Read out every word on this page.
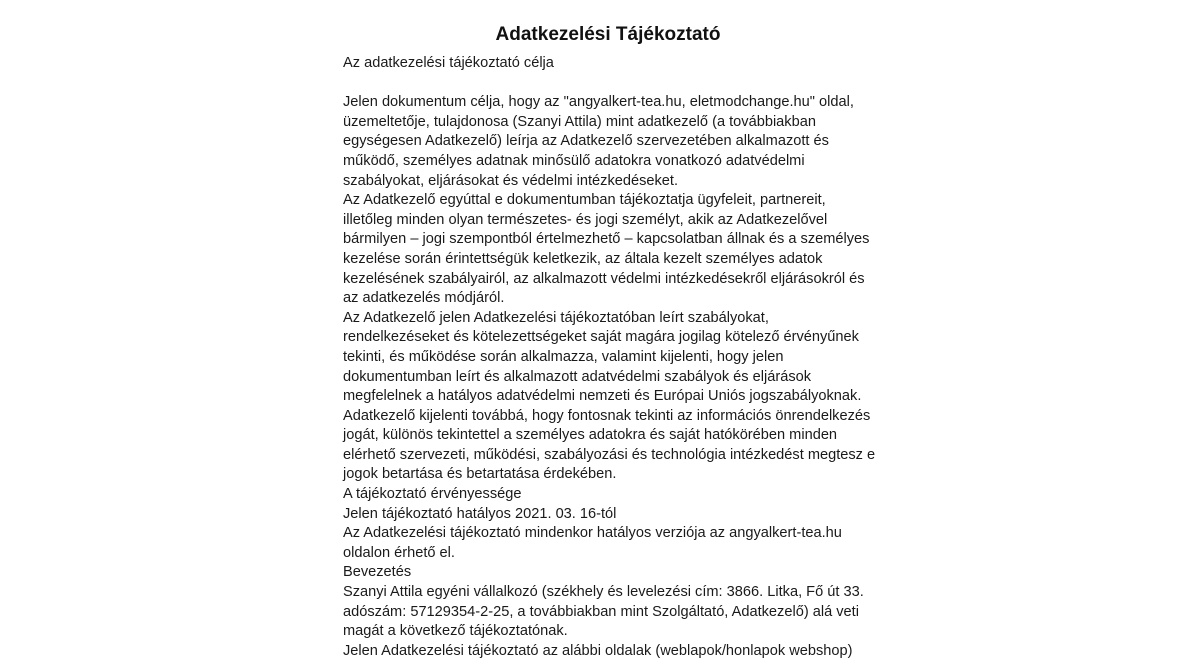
Adatkezelési Tájékoztató

Az adatkezelési tájékoztató célja

Jelen dokumentum célja, hogy az "angyalkert-tea.hu, eletmodchange.hu" oldal, üzemeltetője, tulajdonosa (Szanyi Attila) mint adatkezelő (a továbbiakban egységesen Adatkezelő) leírja az Adatkezelő szervezetében alkalmazott és működő, személyes adatnak minősülő adatokra vonatkozó adatvédelmi szabályokat, eljárásokat és védelmi intézkedéseket.

Az Adatkezelő egyúttal e dokumentumban tájékoztatja ügyfeleit, partnereit, illetőleg minden olyan természetes- és jogi személyt, akik az Adatkezelővel bármilyen – jogi szempontból értelmezhető – kapcsolatban állnak és a személyes kezelése során érintettségük keletkezik, az általa kezelt személyes adatok kezelésének szabályairól, az alkalmazott védelmi intézkedésekről eljárásokról és az adatkezelés módjáról.

Az Adatkezelő jelen Adatkezelési tájékoztatóban leírt szabályokat, rendelkezéseket és kötelezettségeket saját magára jogilag kötelező érvényűnek tekinti, és működése során alkalmazza, valamint kijelenti, hogy jelen dokumentumban leírt és alkalmazott adatvédelmi szabályok és eljárások megfelelnek a hatályos adatvédelmi nemzeti és Európai Uniós jogszabályoknak.

Adatkezelő kijelenti továbbá, hogy fontosnak tekinti az információs önrendelkezés jogát, különös tekintettel a személyes adatokra és saját hatókörében minden elérhető szervezeti, működési, szabályozási és technológia intézkedést megtesz e jogok betartása és betartatása érdekében.

A tájékoztató érvényessége

Jelen tájékoztató hatályos 2021. 03. 16-tól

Az Adatkezelési tájékoztató mindenkor hatályos verziója az angyalkert-tea.hu oldalon érhető el.

Bevezetés

Szanyi Attila egyéni vállalkozó (székhely és levelezési cím: 3866. Litka, Fő út 33. adószám: 57129354-2-25, a továbbiakban mint Szolgáltató, Adatkezelő) alá veti magát a következő tájékoztatónak.

Jelen Adatkezelési tájékoztató az alábbi oldalak (weblapok/honlapok webshop)
